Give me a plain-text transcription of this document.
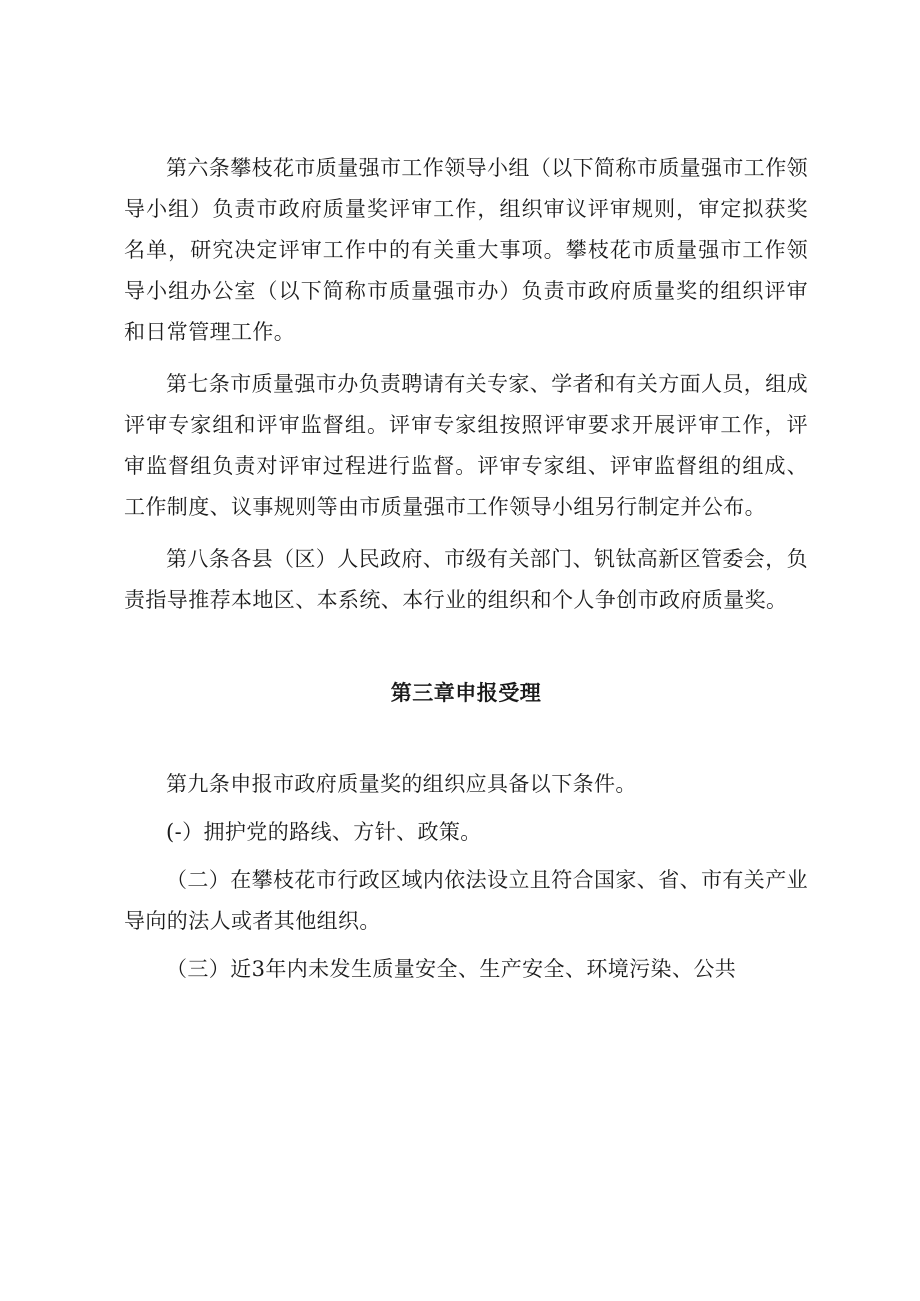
第六条攀枝花市质量强市工作领导小组（以下简称市质量强市工作领导小组）负责市政府质量奖评审工作，组织审议评审规则，审定拟获奖名单，研究决定评审工作中的有关重大事项。攀枝花市质量强市工作领导小组办公室（以下简称市质量强市办）负责市政府质量奖的组织评审和日常管理工作。

第七条市质量强市办负责聘请有关专家、学者和有关方面人员，组成评审专家组和评审监督组。评审专家组按照评审要求开展评审工作，评审监督组负责对评审过程进行监督。评审专家组、评审监督组的组成、工作制度、议事规则等由市质量强市工作领导小组另行制定并公布。

第八条各县（区）人民政府、市级有关部门、钒钛高新区管委会，负责指导推荐本地区、本系统、本行业的组织和个人争创市政府质量奖。

第三章申报受理

第九条申报市政府质量奖的组织应具备以下条件。

(-）拥护党的路线、方针、政策。

（二）在攀枝花市行政区域内依法设立且符合国家、省、市有关产业导向的法人或者其他组织。

（三）近3年内未发生质量安全、生产安全、环境污染、公共
